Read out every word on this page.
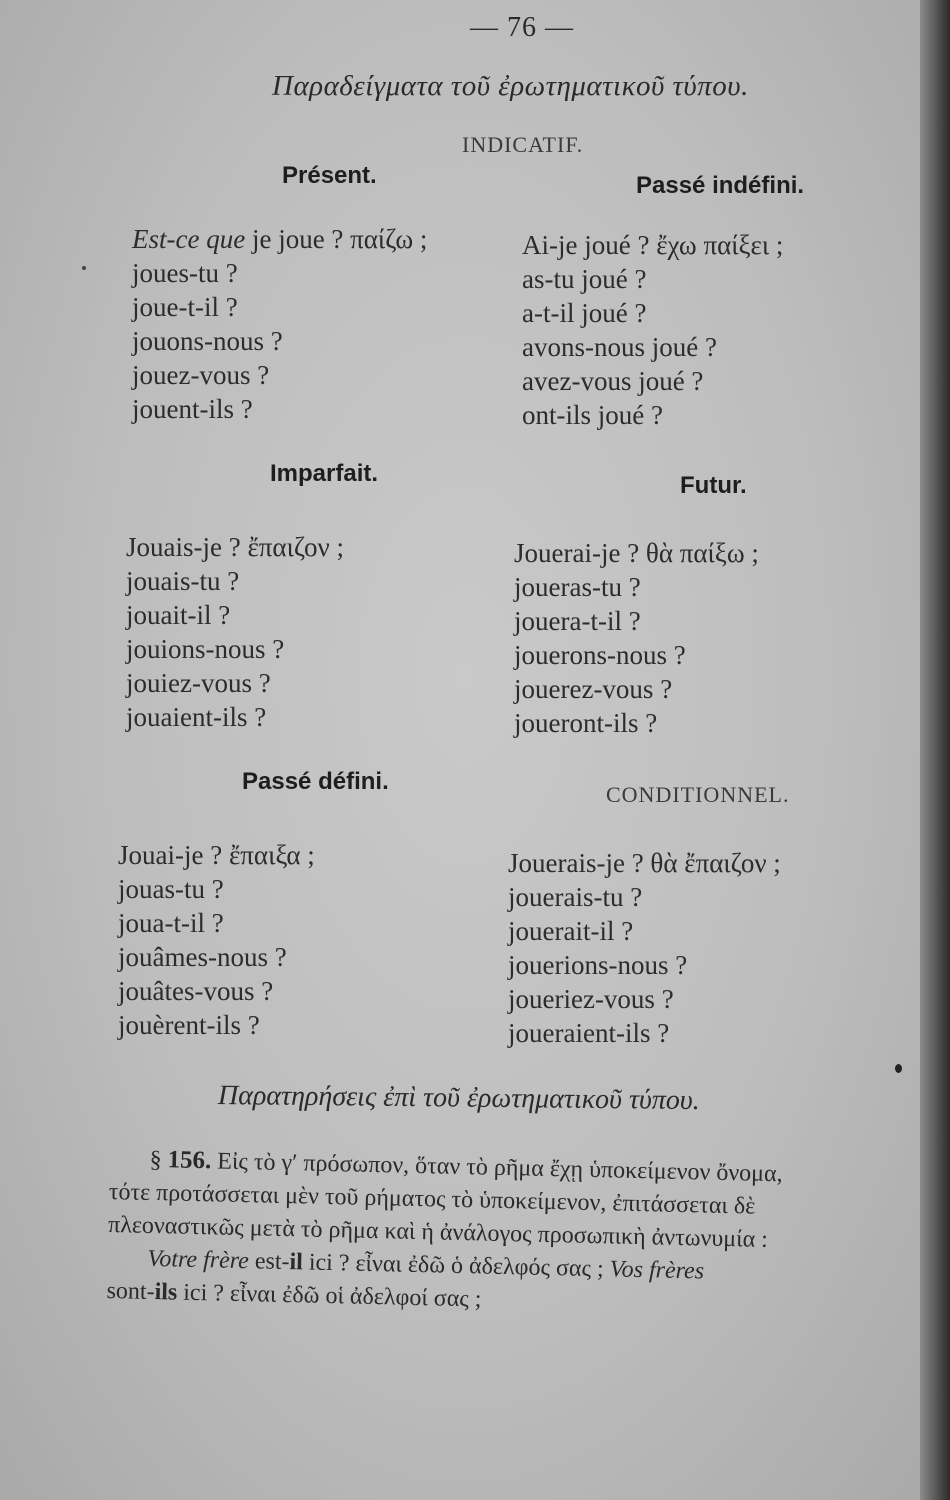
— 76 —
Παραδείγματα τοῦ ἐρωτηματικοῦ τύπου.
INDICATIF.
Présent.
Est-ce que je joue ? παίζω ;
joues-tu ?
joue-t-il ?
jouons-nous ?
jouez-vous ?
jouent-ils ?
Passé indéfini.
Ai-je joué ? ἔχω παίξει ;
as-tu joué ?
a-t-il joué ?
avons-nous joué ?
avez-vous joué ?
ont-ils joué ?
Imparfait.
Jouais-je ? ἔπαιζον ;
jouais-tu ?
jouait-il ?
jouions-nous ?
jouiez-vous ?
jouaient-ils ?
Futur.
Jouerai-je ? θὰ παίξω ;
joueras-tu ?
jouera-t-il ?
jouerons-nous ?
jouerez-vous ?
joueront-ils ?
Passé défini.
Jouai-je ? ἔπαιξα ;
jouas-tu ?
joua-t-il ?
jouâmes-nous ?
jouâtes-vous ?
jouèrent-ils ?
CONDITIONNEL.
Jouerais-je ? θὰ ἔπαιζον ;
jouerais-tu ?
jouerait-il ?
jouerions-nous ?
joueriez-vous ?
joueraient-ils ?
Παρατηρήσεις ἐπὶ τοῦ ἐρωτηματικοῦ τύπου.
§ 156. Εἰς τὸ γ′ πρόσωπον, ὅταν τὸ ρῆμα ἔχῃ ὑποκείμενον ὄνομα,
τότε προτάσσεται μὲν τοῦ ρήματος τὸ ὑποκείμενον, ἐπιτάσσεται δὲ
πλεοναστικῶς μετὰ τὸ ρῆμα καὶ ἡ ἀνάλογος προσωπικὴ ἀντωνυμία :
Votre frère est-il ici ? εἶναι ἐδῶ ὁ ἀδελφός σας ; Vos frères
sont-ils ici ? εἶναι ἐδῶ οἱ ἀδελφοί σας ;
